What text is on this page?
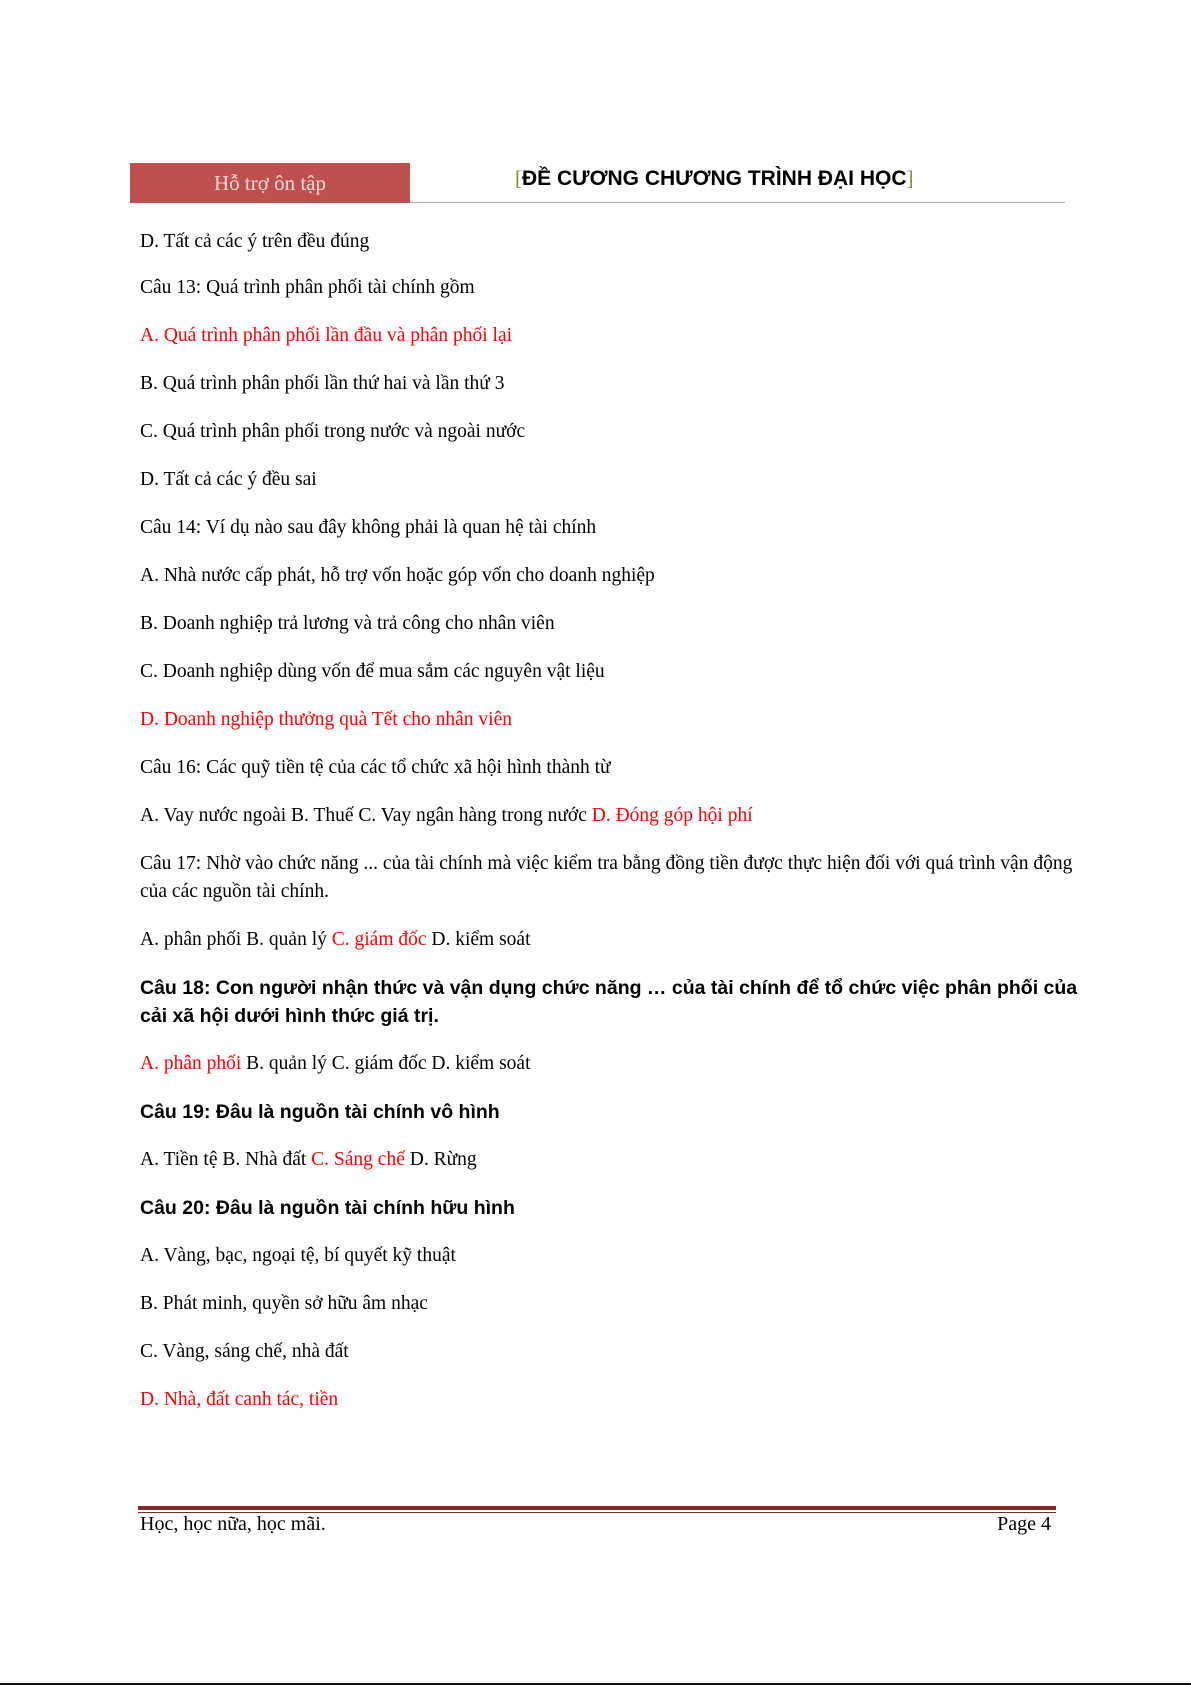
Hỗ trợ ôn tập	[ĐỀ CƯƠNG CHƯƠNG TRÌNH ĐẠI HỌC]

D. Tất cả các ý trên đều đúng

Câu 13: Quá trình phân phối tài chính gồm

A. Quá trình phân phối lần đầu và phân phối lại

B. Quá trình phân phối lần thứ hai và lần thứ 3

C. Quá trình phân phối trong nước và ngoài nước

D. Tất cả các ý đều sai

Câu 14: Ví dụ nào sau đây không phải là quan hệ tài chính

A. Nhà nước cấp phát, hỗ trợ vốn hoặc góp vốn cho doanh nghiệp

B. Doanh nghiệp trả lương và trả công cho nhân viên

C. Doanh nghiệp dùng vốn để mua sắm các nguyên vật liệu

D. Doanh nghiệp thưởng quà Tết cho nhân viên

Câu 16: Các quỹ tiền tệ của các tổ chức xã hội hình thành từ

A. Vay nước ngoài B. Thuế C. Vay ngân hàng trong nước D. Đóng góp hội phí

Câu 17: Nhờ vào chức năng ... của tài chính mà việc kiểm tra bằng đồng tiền được thực hiện đối với quá trình vận động của các nguồn tài chính.

A. phân phối B. quản lý C. giám đốc D. kiểm soát

Câu 18: Con người nhận thức và vận dụng chức năng … của tài chính để tổ chức việc phân phối của cải xã hội dưới hình thức giá trị.

A. phân phối B. quản lý C. giám đốc D. kiểm soát

Câu 19: Đâu là nguồn tài chính vô hình

A. Tiền tệ B. Nhà đất C. Sáng chế D. Rừng

Câu 20: Đâu là nguồn tài chính hữu hình

A. Vàng, bạc, ngoại tệ, bí quyết kỹ thuật

B. Phát minh, quyền sở hữu âm nhạc

C. Vàng, sáng chế, nhà đất

D. Nhà, đất canh tác, tiền

Học, học nữa, học mãi.	Page 4
